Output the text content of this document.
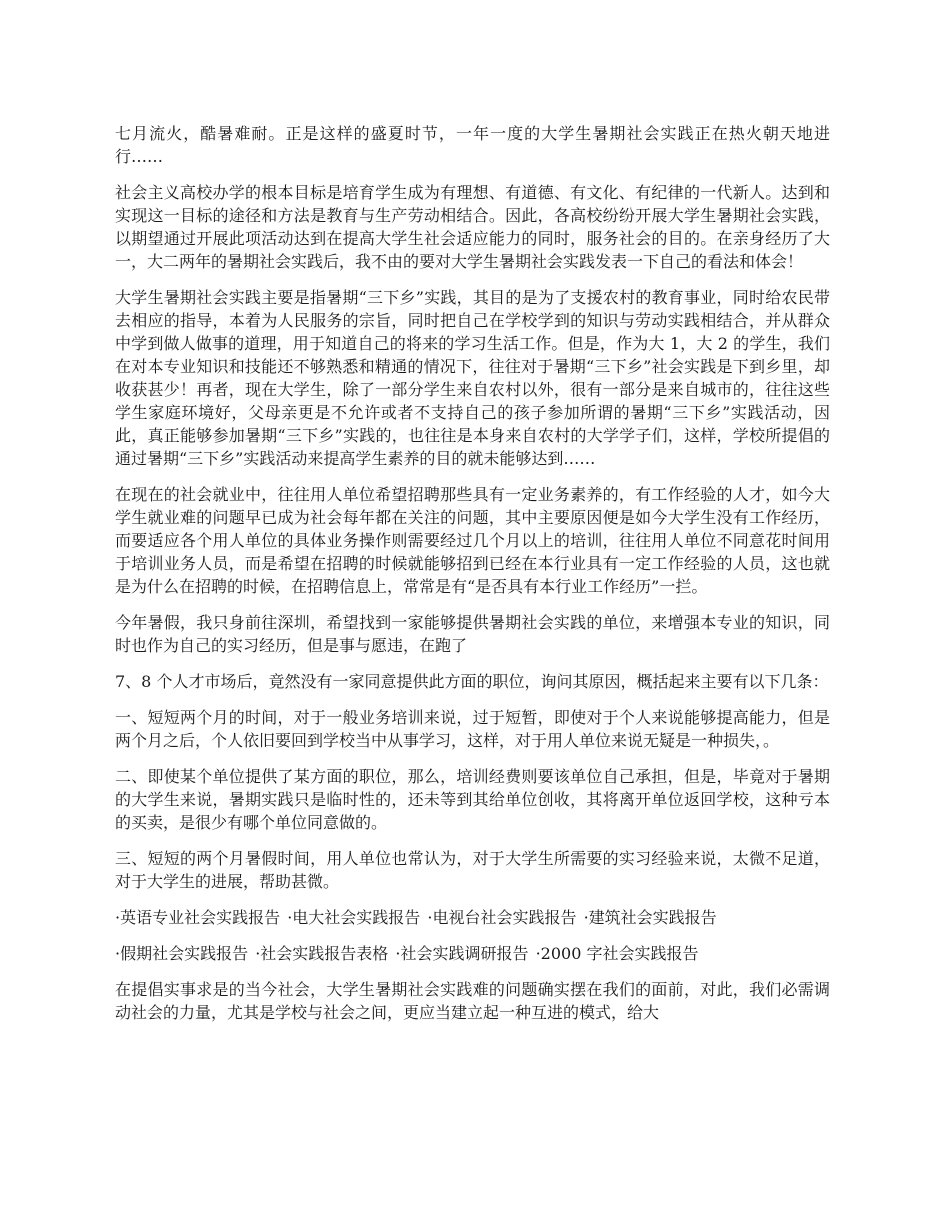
七月流火，酷暑难耐。正是这样的盛夏时节，一年一度的大学生暑期社会实践正在热火朝天地进行……

社会主义高校办学的根本目标是培育学生成为有理想、有道德、有文化、有纪律的一代新人。达到和实现这一目标的途径和方法是教育与生产劳动相结合。因此，各高校纷纷开展大学生暑期社会实践，以期望通过开展此项活动达到在提高大学生社会适应能力的同时，服务社会的目的。在亲身经历了大一，大二两年的暑期社会实践后，我不由的要对大学生暑期社会实践发表一下自己的看法和体会！

大学生暑期社会实践主要是指暑期“三下乡”实践，其目的是为了支援农村的教育事业，同时给农民带去相应的指导，本着为人民服务的宗旨，同时把自己在学校学到的知识与劳动实践相结合，并从群众中学到做人做事的道理，用于知道自己的将来的学习生活工作。但是，作为大 1，大 2 的学生，我们在对本专业知识和技能还不够熟悉和精通的情况下，往往对于暑期“三下乡”社会实践是下到乡里，却收获甚少！再者，现在大学生，除了一部分学生来自农村以外，很有一部分是来自城市的，往往这些学生家庭环境好，父母亲更是不允许或者不支持自己的孩子参加所谓的暑期“三下乡”实践活动，因此，真正能够参加暑期“三下乡”实践的，也往往是本身来自农村的大学学子们，这样，学校所提倡的通过暑期“三下乡”实践活动来提高学生素养的目的就未能够达到……

在现在的社会就业中，往往用人单位希望招聘那些具有一定业务素养的，有工作经验的人才，如今大学生就业难的问题早已成为社会每年都在关注的问题，其中主要原因便是如今大学生没有工作经历，而要适应各个用人单位的具体业务操作则需要经过几个月以上的培训，往往用人单位不同意花时间用于培训业务人员，而是希望在招聘的时候就能够招到已经在本行业具有一定工作经验的人员，这也就是为什么在招聘的时候，在招聘信息上，常常是有“是否具有本行业工作经历”一拦。

今年暑假，我只身前往深圳，希望找到一家能够提供暑期社会实践的单位，来增强本专业的知识，同时也作为自己的实习经历，但是事与愿违，在跑了

7、8 个人才市场后，竟然没有一家同意提供此方面的职位，询问其原因，概括起来主要有以下几条：

一、短短两个月的时间，对于一般业务培训来说，过于短暂，即使对于个人来说能够提高能力，但是两个月之后，个人依旧要回到学校当中从事学习，这样，对于用人单位来说无疑是一种损失，。

二、即使某个单位提供了某方面的职位，那么，培训经费则要该单位自己承担，但是，毕竟对于暑期的大学生来说，暑期实践只是临时性的，还未等到其给单位创收，其将离开单位返回学校，这种亏本的买卖，是很少有哪个单位同意做的。

三、短短的两个月暑假时间，用人单位也常认为，对于大学生所需要的实习经验来说，太微不足道，对于大学生的进展，帮助甚微。

·英语专业社会实践报告 ·电大社会实践报告 ·电视台社会实践报告 ·建筑社会实践报告
·假期社会实践报告 ·社会实践报告表格 ·社会实践调研报告 ·2000 字社会实践报告

在提倡实事求是的当今社会，大学生暑期社会实践难的问题确实摆在我们的面前，对此，我们必需调动社会的力量，尤其是学校与社会之间，更应当建立起一种互进的模式，给大
